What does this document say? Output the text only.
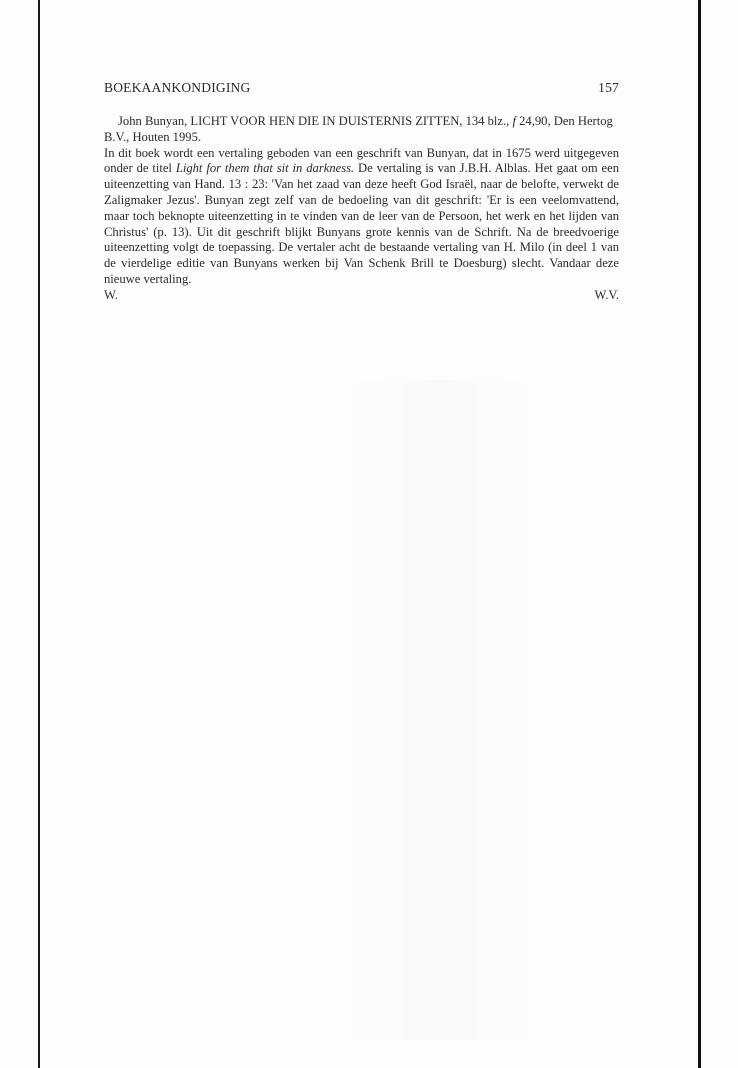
BOEKAANKONDIGING	157

John Bunyan, LICHT VOOR HEN DIE IN DUISTERNIS ZITTEN, 134 blz., f 24,90, Den Hertog B.V., Houten 1995.

In dit boek wordt een vertaling geboden van een geschrift van Bunyan, dat in 1675 werd uitgegeven onder de titel Light for them that sit in darkness. De vertaling is van J.B.H. Alblas. Het gaat om een uiteenzetting van Hand. 13 : 23: 'Van het zaad van deze heeft God Israël, naar de belofte, verwekt de Zaligmaker Jezus'. Bunyan zegt zelf van de bedoeling van dit geschrift: 'Er is een veelomvattend, maar toch beknopte uiteenzetting in te vinden van de leer van de Persoon, het werk en het lijden van Christus' (p. 13). Uit dit geschrift blijkt Bunyans grote kennis van de Schrift. Na de breedvoerige uiteenzetting volgt de toepassing. De vertaler acht de bestaande vertaling van H. Milo (in deel 1 van de vierdelige editie van Bunyans werken bij Van Schenk Brill te Doesburg) slecht. Vandaar deze nieuwe vertaling.

W.	W.V.
